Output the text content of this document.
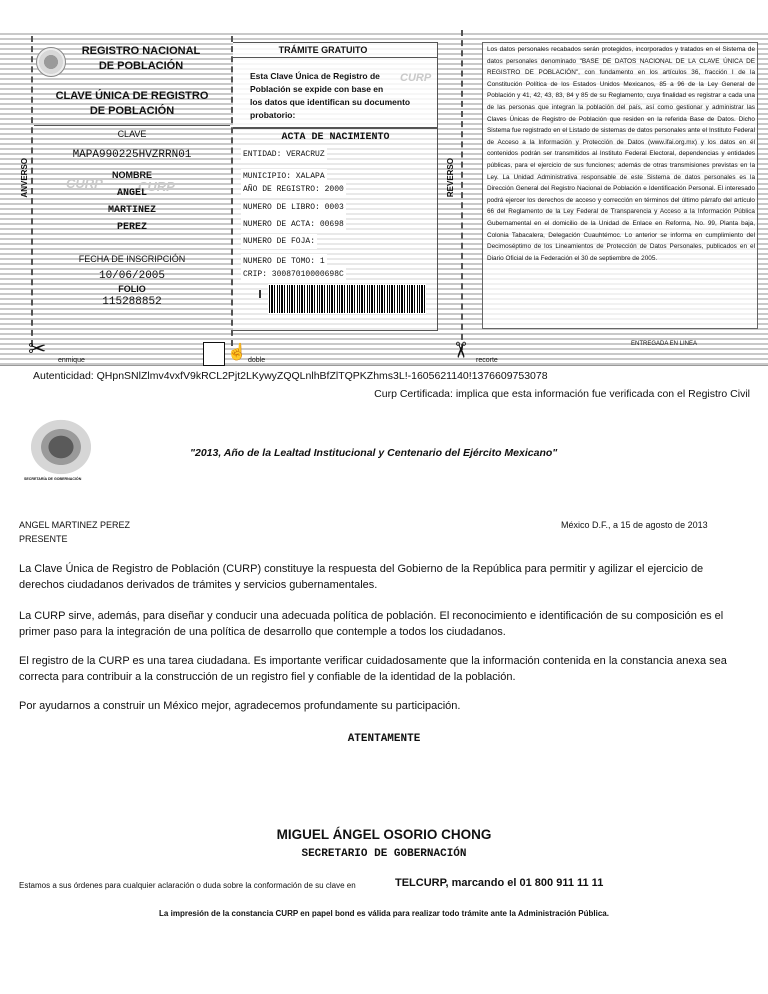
REGISTRO NACIONAL
DE POBLACIÓN
CLAVE ÚNICA DE REGISTRO
DE POBLACIÓN
CLAVE
MAPA990225HVZRRN01
CURP	CURP
NOMBRE
ANGEL
MARTINEZ
PEREZ
FECHA DE INSCRIPCIÓN
10/06/2005
FOLIO
115288852
ANVERSO
TRÁMITE GRATUITO
CURP
Esta Clave Única de Registro de
Población se expide con base en
los datos que identifican su documento
probatorio:
ACTA DE NACIMIENTO
ENTIDAD: VERACRUZ
MUNICIPIO: XALAPA
AÑO DE REGISTRO: 2000
NUMERO DE LIBRO: 0003
NUMERO DE ACTA: 00698
NUMERO DE FOJA:
NUMERO DE TOMO: 1
CRIP: 30087010000698C
REVERSO
Los datos personales recabados serán protegidos, incorporados y tratados en el Sistema de datos personales denominado "BASE DE DATOS NACIONAL DE LA CLAVE ÚNICA DE REGISTRO DE POBLACIÓN", con fundamento en los artículos 36, fracción I de la Constitución Política de los Estados Unidos Mexicanos, 85 a 96 de la Ley General de Población y 41, 42, 43, 83, 84 y 85 de su Reglamento, cuya finalidad es registrar a cada una de las personas que integran la población del país, así como gestionar y administrar las Claves Únicas de Registro de Población que residen en la referida Base de Datos. Dicho Sistema fue registrado en el Listado de sistemas de datos personales ante el Instituto Federal de Acceso a la Información y Protección de Datos (www.ifai.org.mx) y los datos en él contenidos podrán ser transmitidos al Instituto Federal Electoral, dependencias y entidades públicas, para el ejercicio de sus funciones; además de otras transmisiones previstas en la Ley. La Unidad Administrativa responsable de este Sistema de datos personales es la Dirección General del Registro Nacional de Población e Identificación Personal. El interesado podrá ejercer los derechos de acceso y corrección en términos del último párrafo del artículo 66 del Reglamento de la Ley Federal de Transparencia y Acceso a la Información Pública Gubernamental en el domicilio de la Unidad de Enlace en Reforma, No. 99, Planta baja, Colonia Tabacalera, Delegación Cuauhtémoc. Lo anterior se informa en cumplimiento del Decimoséptimo de los Lineamientos de Protección de Datos Personales, publicados en el Diario Oficial de la Federación el 30 de septiembre de 2005.
ENTREGADA EN LINEA
✂	enmique	☝ doble
✂
recorte
Autenticidad: QHpnSNlZlmv4vxfV9kRCL2Pjt2LKywyZQQLnlhBfZlTQPKZhms3L!-1605621140!1376609753078
Curp Certificada: implica que esta información fue verificada con el Registro Civil
SECRETARÍA DE GOBERNACIÓN
"2013, Año de la Lealtad Institucional y Centenario del Ejército Mexicano"
ANGEL MARTINEZ PEREZ
PRESENTE
México D.F., a 15 de agosto de 2013
La Clave Única de Registro de Población (CURP) constituye la respuesta del Gobierno de la República para permitir y agilizar el ejercicio de derechos ciudadanos derivados de trámites y servicios gubernamentales.
La CURP sirve, además, para diseñar y conducir una adecuada política de población. El reconocimiento e identificación de su composición es el primer paso para la integración de una política de desarrollo que contemple a todos los ciudadanos.
El registro de la CURP es una tarea ciudadana. Es importante verificar cuidadosamente que la información contenida en la constancia anexa sea correcta para contribuir a la construcción de un registro fiel y confiable de la identidad de la población.
Por ayudarnos a construir un México mejor, agradecemos profundamente su participación.
ATENTAMENTE
MIGUEL ÁNGEL OSORIO CHONG
SECRETARIO DE GOBERNACIÓN
Estamos a sus órdenes para cualquier aclaración o duda sobre la conformación de su clave en	TELCURP, marcando el 01 800 911 11 11
La impresión de la constancia CURP en papel bond es válida para realizar todo trámite ante la Administración Pública.
